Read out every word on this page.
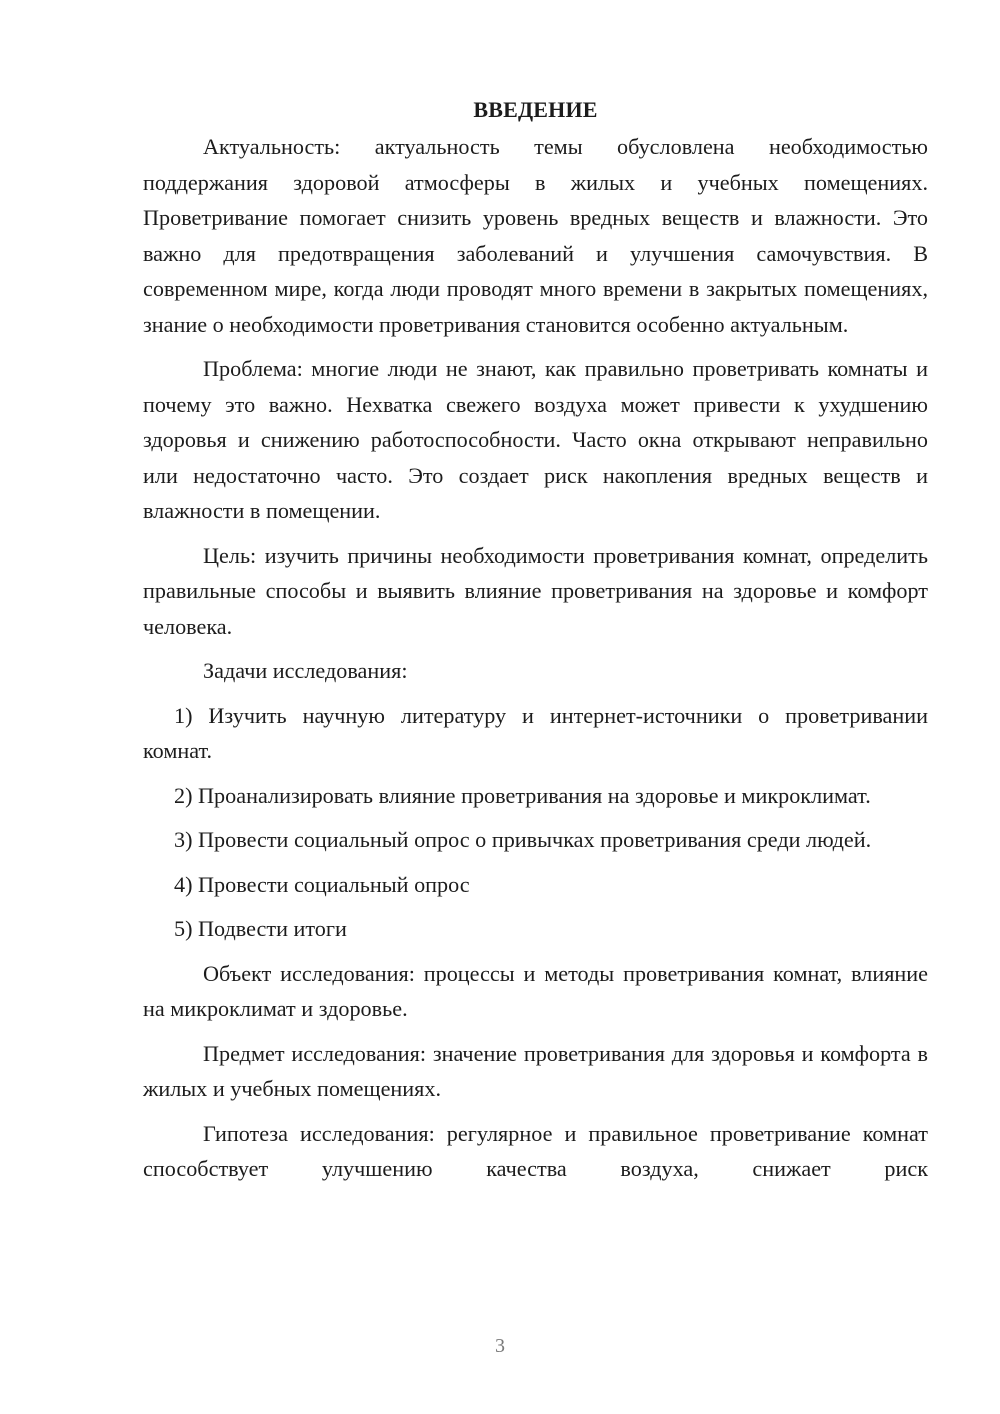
ВВЕДЕНИЕ

Актуальность: актуальность темы обусловлена необходимостью поддержания здоровой атмосферы в жилых и учебных помещениях. Проветривание помогает снизить уровень вредных веществ и влажности. Это важно для предотвращения заболеваний и улучшения самочувствия. В современном мире, когда люди проводят много времени в закрытых помещениях, знание о необходимости проветривания становится особенно актуальным.

Проблема: многие люди не знают, как правильно проветривать комнаты и почему это важно. Нехватка свежего воздуха может привести к ухудшению здоровья и снижению работоспособности. Часто окна открывают неправильно или недостаточно часто. Это создает риск накопления вредных веществ и влажности в помещении.

Цель: изучить причины необходимости проветривания комнат, определить правильные способы и выявить влияние проветривания на здоровье и комфорт человека.

Задачи исследования:

1) Изучить научную литературу и интернет-источники о проветривании комнат.

2) Проанализировать влияние проветривания на здоровье и микроклимат.

3) Провести социальный опрос о привычках проветривания среди людей.

4) Провести социальный опрос

5) Подвести итоги

Объект исследования: процессы и методы проветривания комнат, влияние на микроклимат и здоровье.

Предмет исследования: значение проветривания для здоровья и комфорта в жилых и учебных помещениях.

Гипотеза исследования: регулярное и правильное проветривание комнат способствует улучшению качества воздуха, снижает риск

3
